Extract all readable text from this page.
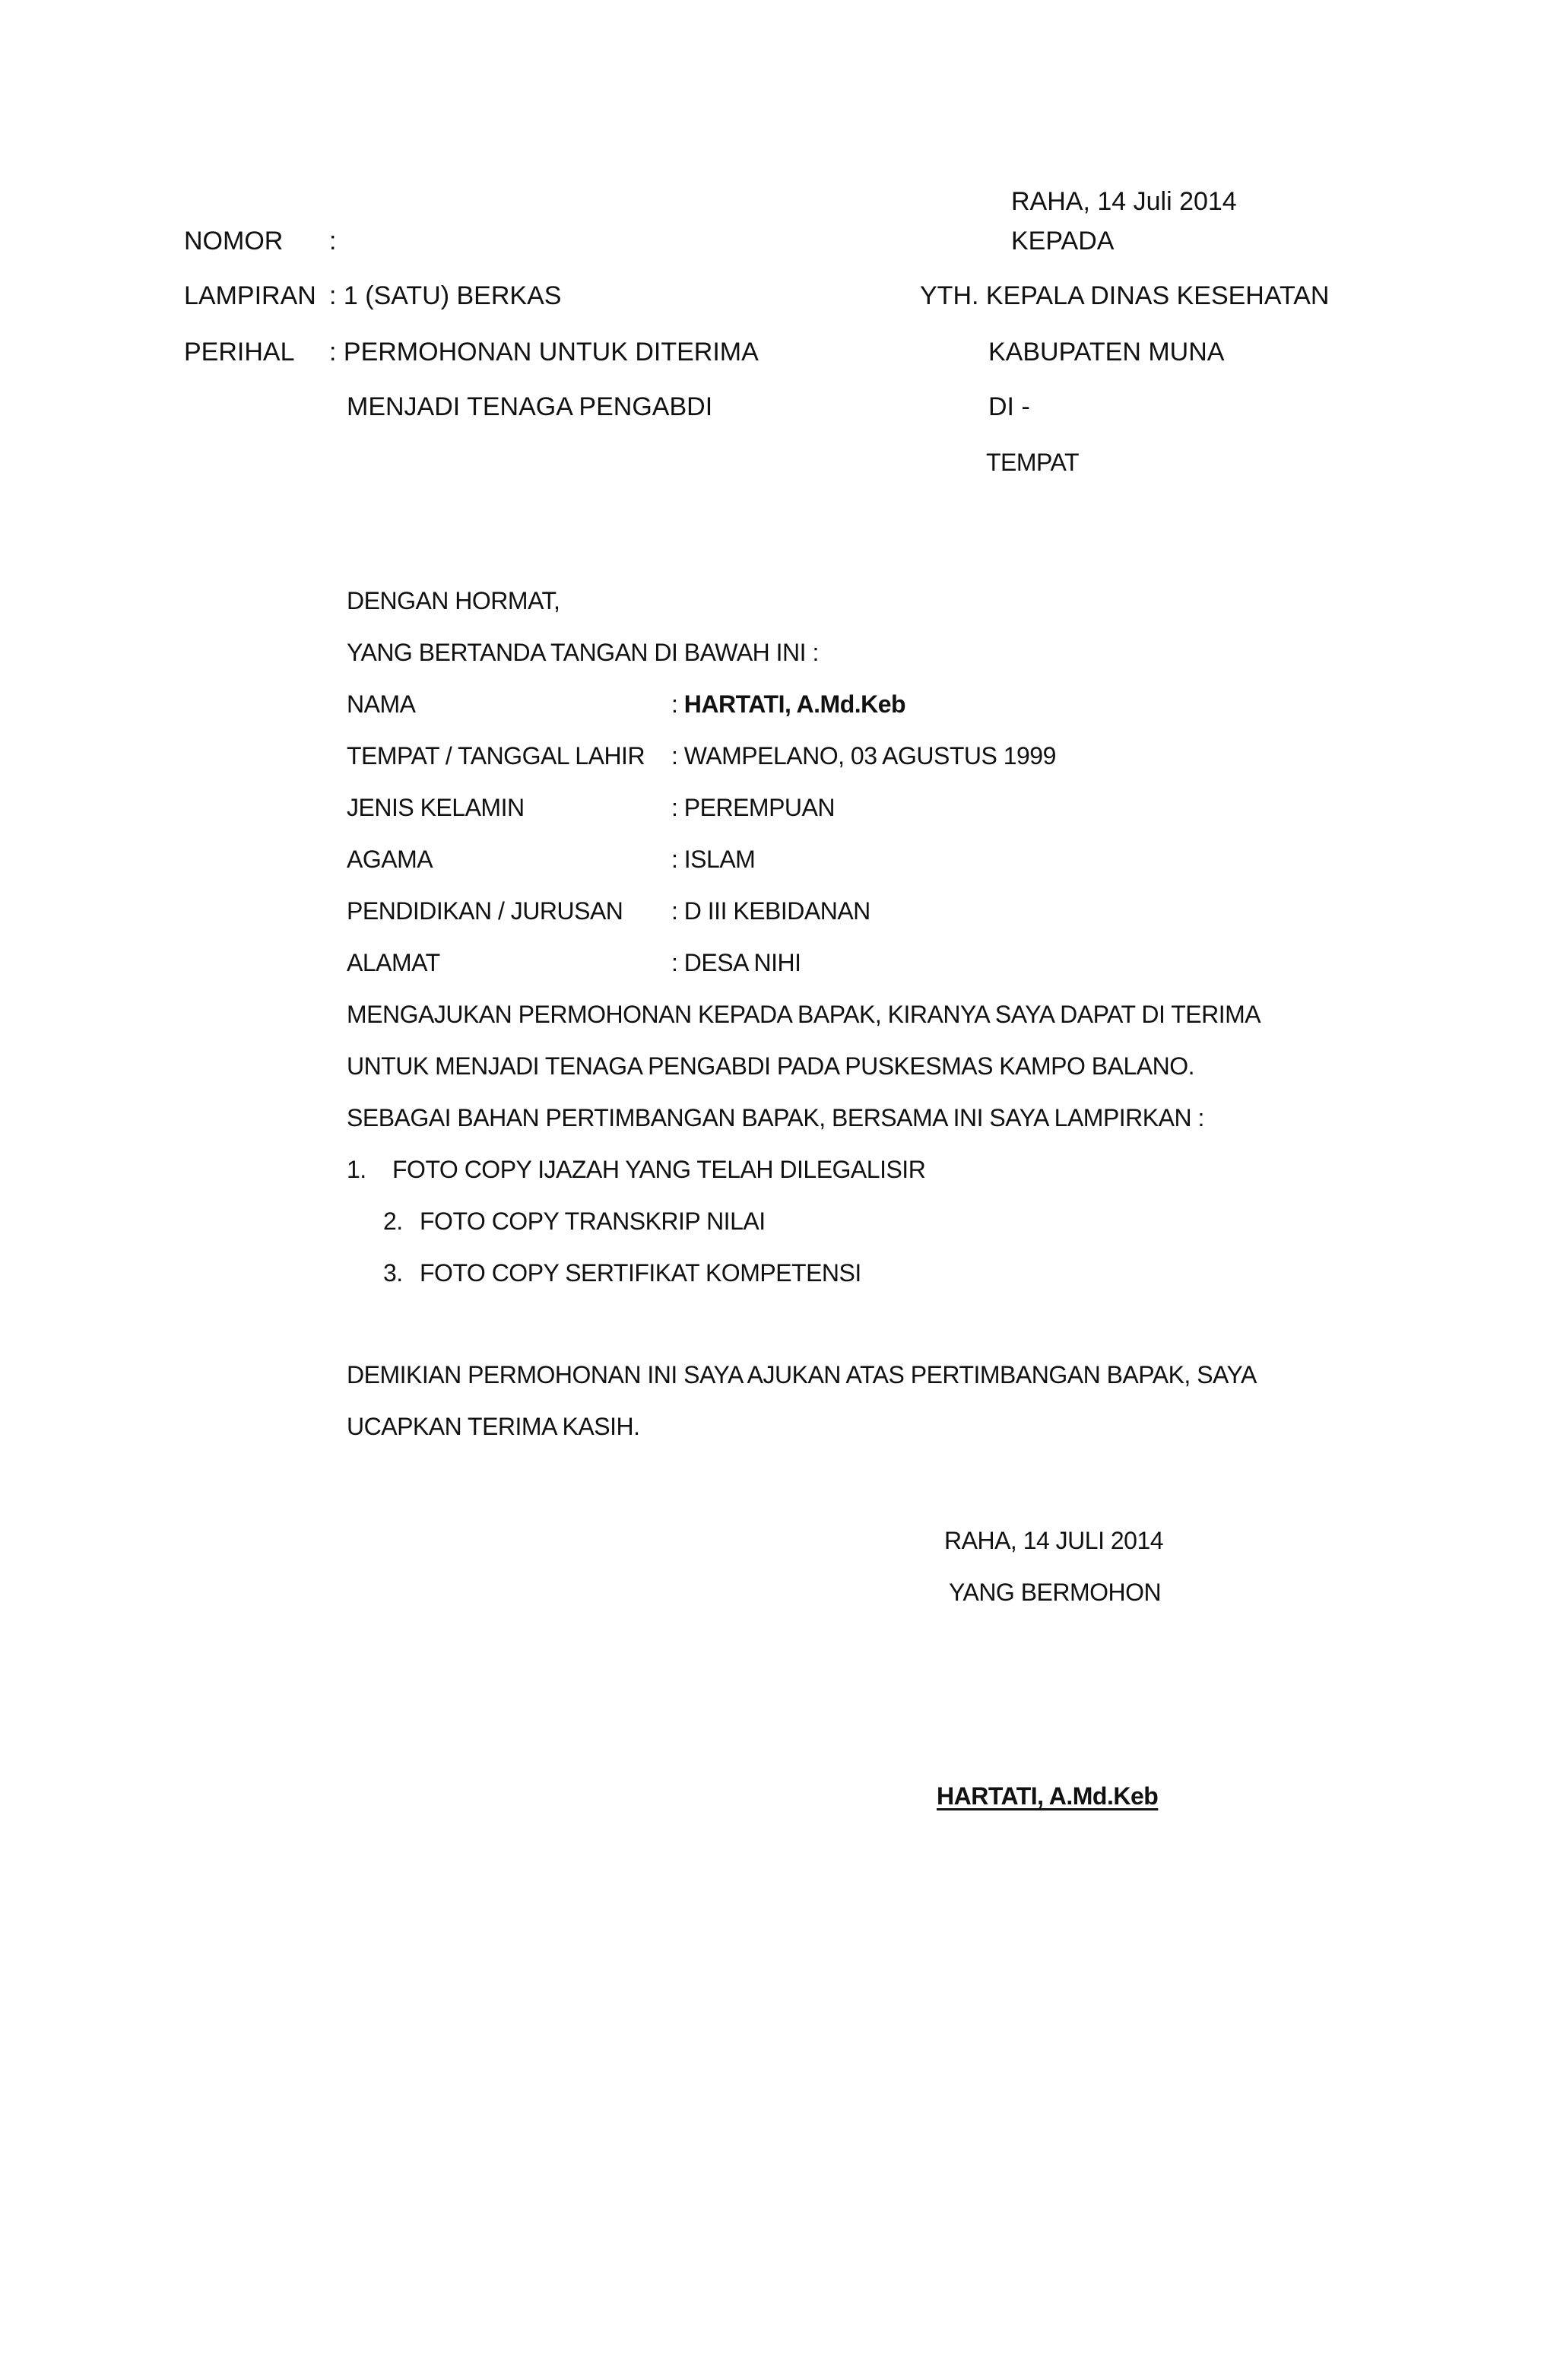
RAHA, 14 Juli 2014
NOMOR :	KEPADA
LAMPIRAN : 1 (SATU) BERKAS	YTH. KEPALA DINAS KESEHATAN
PERIHAL : PERMOHONAN UNTUK DITERIMA	KABUPATEN MUNA
MENJADI TENAGA PENGABDI	DI -
TEMPAT
DENGAN HORMAT,
YANG BERTANDA TANGAN DI BAWAH INI :
NAMA	: HARTATI, A.Md.Keb
TEMPAT / TANGGAL LAHIR : WAMPELANO, 03 AGUSTUS 1999
JENIS KELAMIN	: PEREMPUAN
AGAMA	: ISLAM
PENDIDIKAN / JURUSAN : D III KEBIDANAN
ALAMAT	: DESA NIHI
MENGAJUKAN PERMOHONAN KEPADA BAPAK, KIRANYA SAYA DAPAT DI TERIMA
UNTUK MENJADI TENAGA PENGABDI PADA PUSKESMAS KAMPO BALANO.
SEBAGAI BAHAN PERTIMBANGAN BAPAK, BERSAMA INI SAYA LAMPIRKAN :
1. FOTO COPY IJAZAH YANG TELAH DILEGALISIR
2. FOTO COPY TRANSKRIP NILAI
3. FOTO COPY SERTIFIKAT KOMPETENSI
DEMIKIAN PERMOHONAN INI SAYA AJUKAN ATAS PERTIMBANGAN BAPAK, SAYA
UCAPKAN TERIMA KASIH.
RAHA, 14 JULI 2014
YANG BERMOHON
HARTATI, A.Md.Keb
